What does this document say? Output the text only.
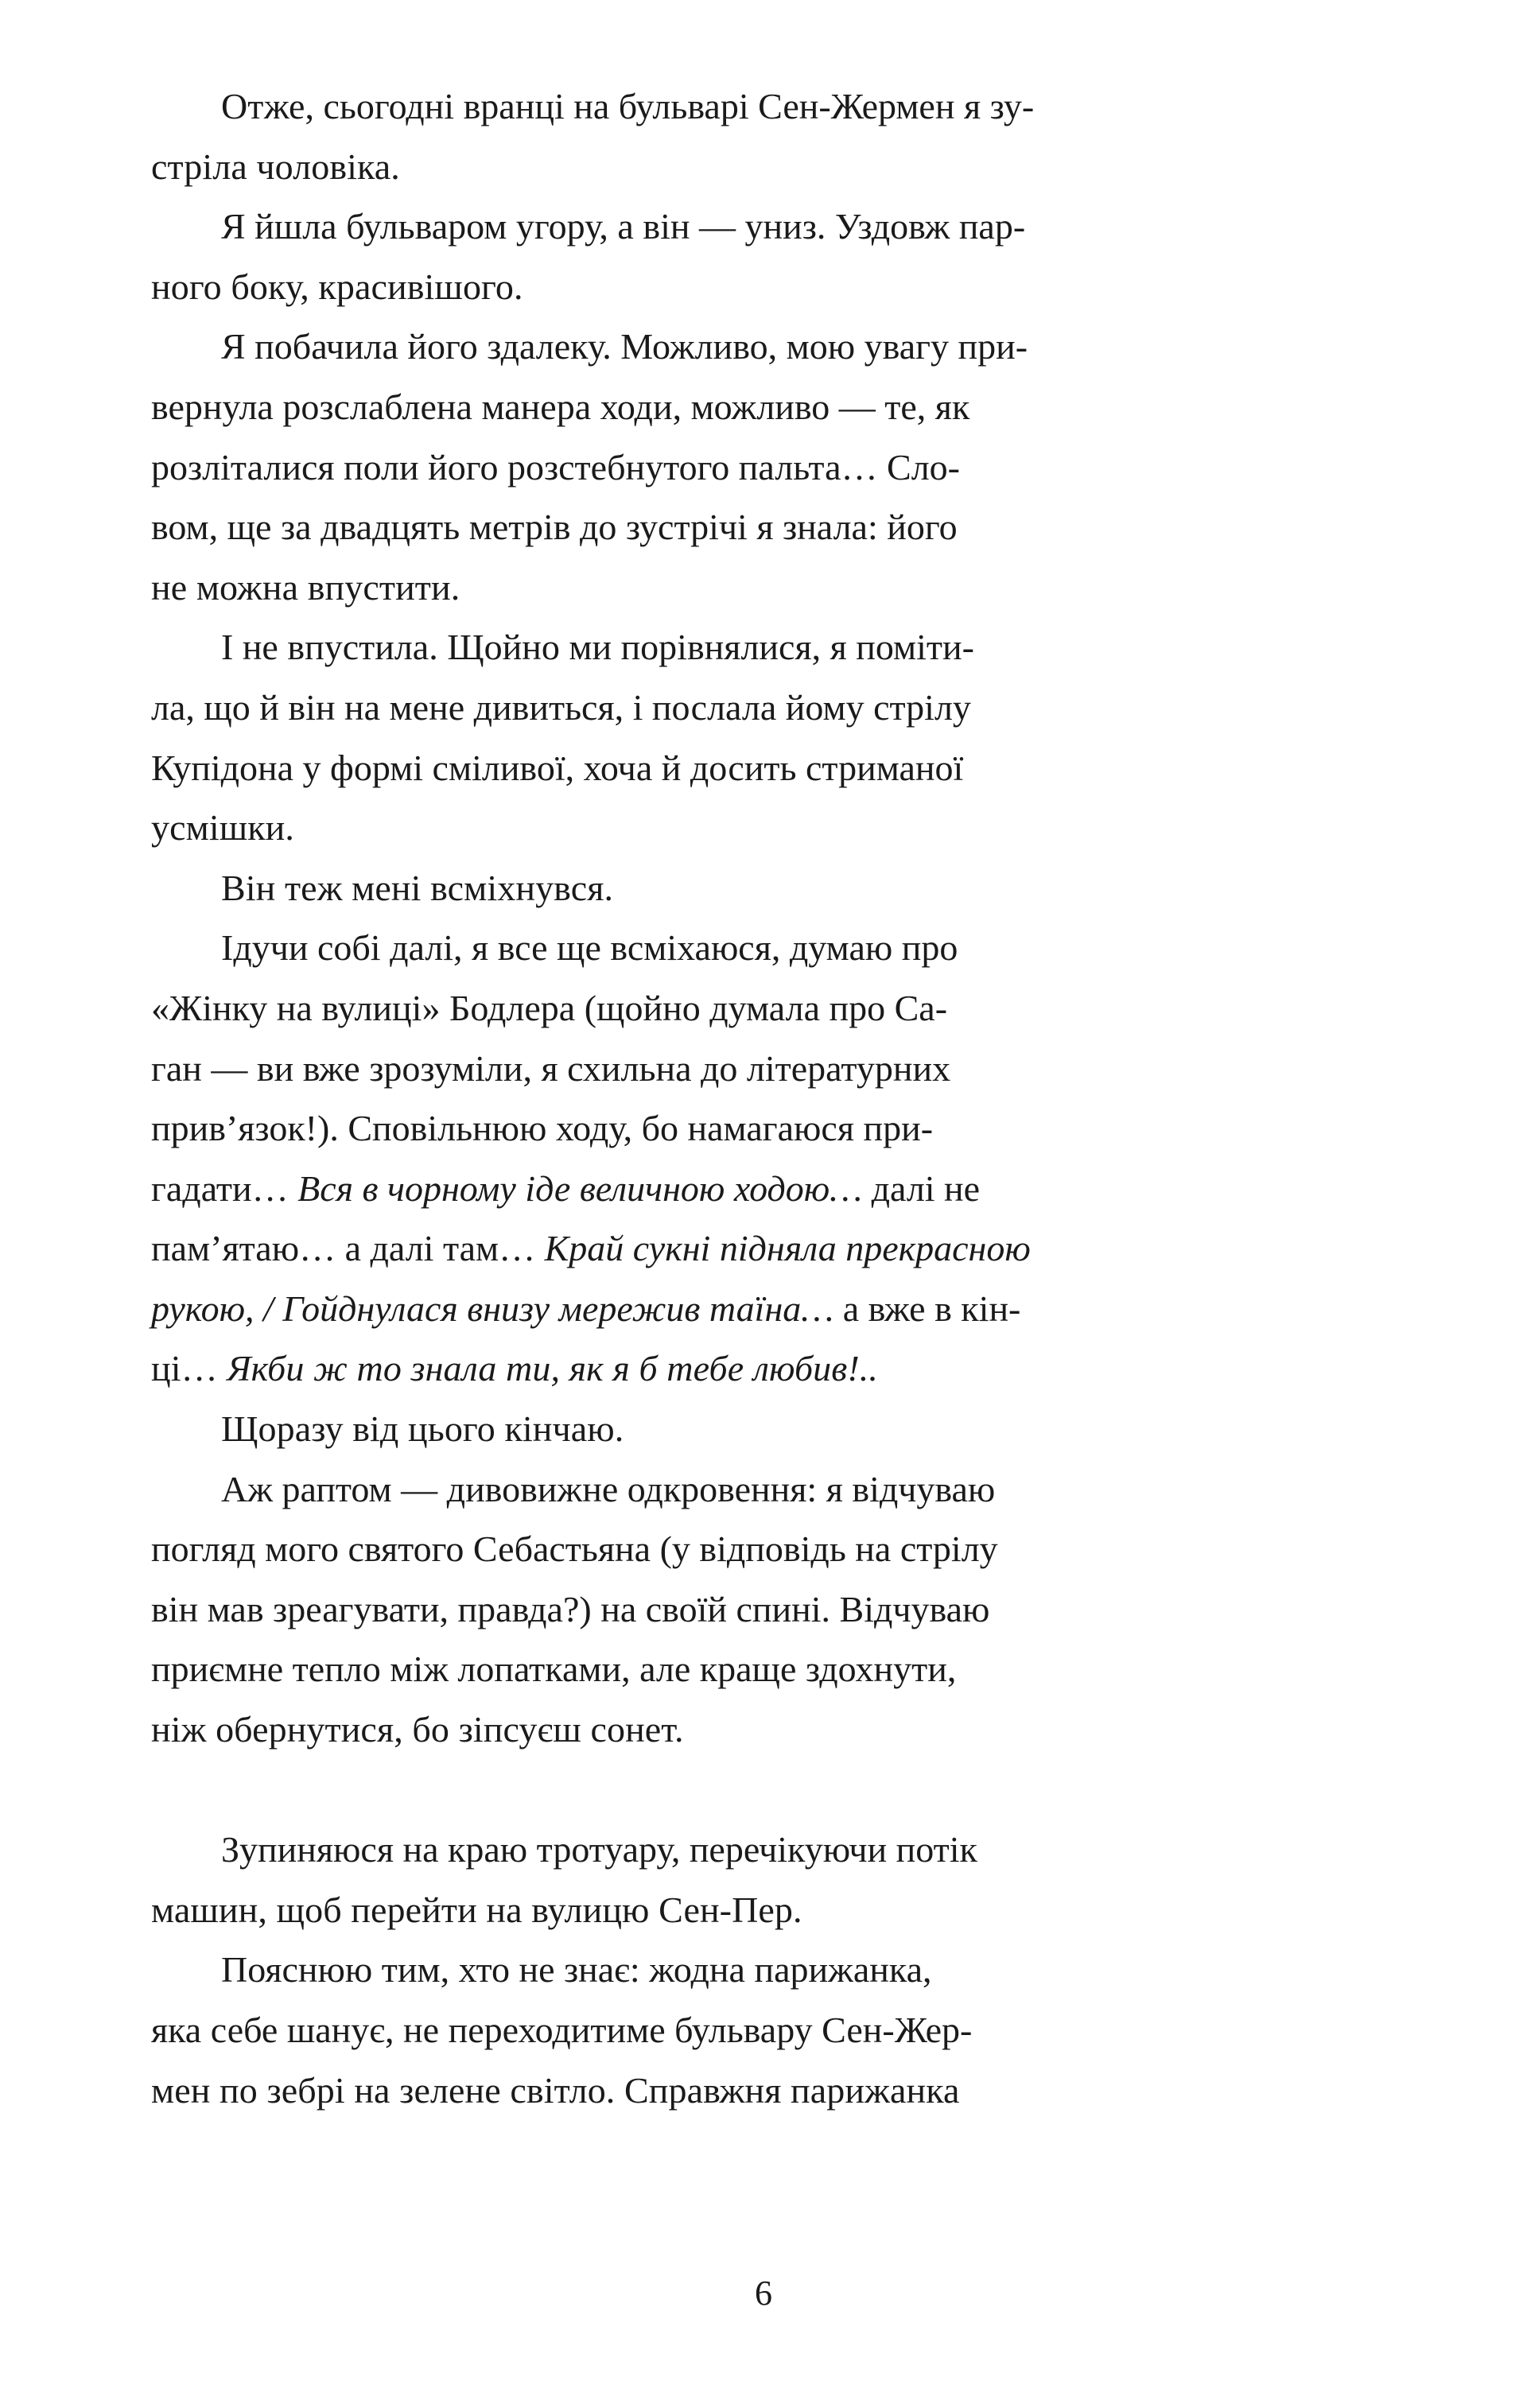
Отже, сьогодні вранці на бульварі Сен-Жермен я зу-
стріла чоловіка.
Я йшла бульваром угору, а він — униз. Уздовж пар-
ного боку, красивішого.
Я побачила його здалеку. Можливо, мою увагу при-
вернула розслаблена манера ходи, можливо — те, як
розліталися поли його розстебнутого пальта… Сло-
вом, ще за двадцять метрів до зустрічі я знала: його
не можна впустити.
І не впустила. Щойно ми порівнялися, я помiти-
ла, що й він на мене дивиться, і послала йому стрілу
Купідона у формі сміливої, хоча й досить стриманої
усмішки.
Він теж мені всміхнувся.
Ідучи собі далі, я все ще всміхаюся, думаю про
«Жінку на вулиці» Бодлера (щойно думала про Са-
ган — ви вже зрозуміли, я схильна до літературних
прив’язок!). Сповільнюю ходу, бо намагаюся при-
гадати… Вся в чорному іде величною ходою… далі не
пам’ятаю… а далі там… Край сукні підняла прекрасною
рукою, / Гойднулася внизу мережив таїна… а вже в кін-
ці… Якби ж то знала ти, як я б тебе любив!..
Щоразу від цього кінчаю.
Аж раптом — дивовижне одкровення: я відчуваю
погляд мого святого Себастьяна (у відповідь на стрілу
він мав зреагувати, правда?) на своїй спині. Відчуваю
приємне тепло між лопатками, але краще здохнути,
ніж обернутися, бо зіпсуєш сонет.
Зупиняюся на краю тротуару, перечікуючи потік
машин, щоб перейти на вулицю Сен-Пер.
Пояснюю тим, хто не знає: жодна парижанка,
яка себе шанує, не переходитиме бульвару Сен-Жер-
мен по зебрі на зелене світло. Справжня парижанка
6
